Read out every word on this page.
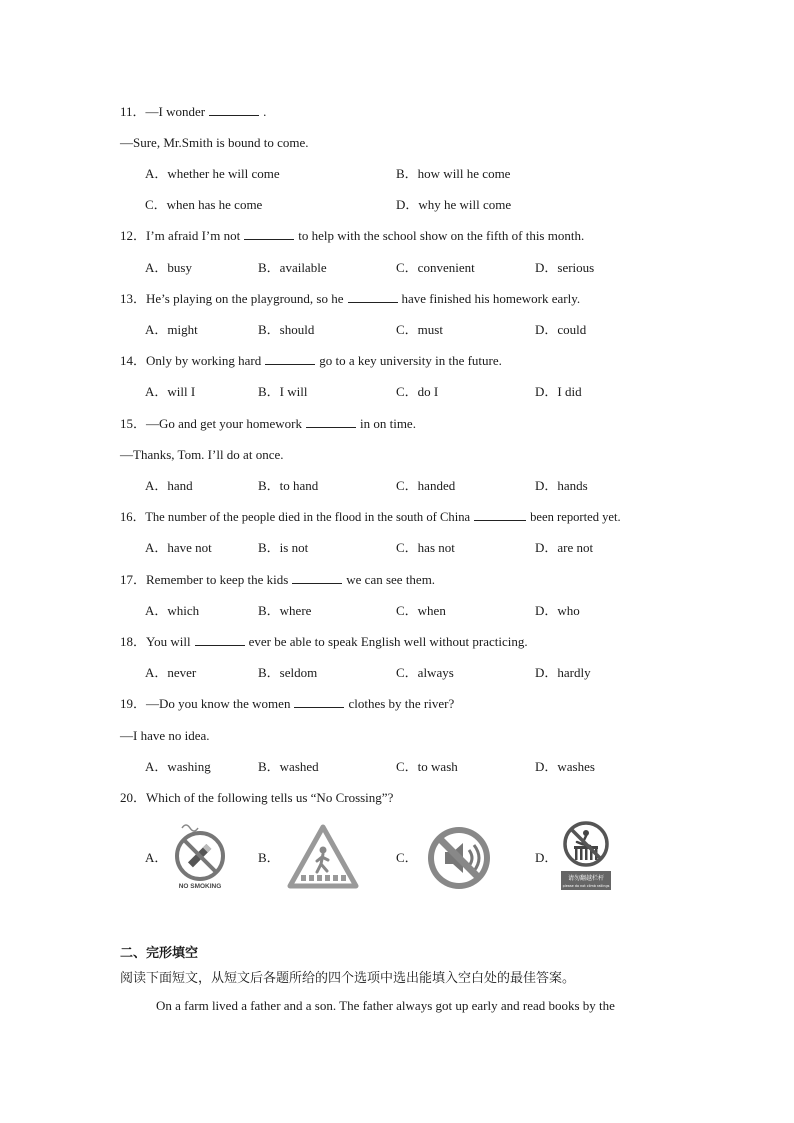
11．—I wonder	.
—Sure, Mr.Smith is bound to come.
A．whether he will come	B．how will he come
C．when has he come	D．why he will come
12．I’m afraid I’m not	to help with the school show on the fifth of this month.
A．busy	B．available	C．convenient	D．serious
13．He’s playing on the playground, so he	have finished his homework early.
A．might	B．should	C．must	D．could
14．Only by working hard	go to a key university in the future.
A．will I	B．I will	C．do I	D．I did
15．—Go and get your homework	in on time.
—Thanks, Tom. I’ll do at once.
A．hand	B．to hand	C．handed	D．hands
16．The number of the people died in the flood in the south of China	been reported yet.
A．have not	B．is not	C．has not	D．are not
17．Remember to keep the kids	we can see them.
A．which	B．where	C．when	D．who
18．You will	ever be able to speak English well without practicing.
A．never	B．seldom	C．always	D．hardly
19．—Do you know the women	clothes by the river?
—I have no idea.
A．washing	B．washed	C．to wash	D．washes
20．Which of the following tells us “No Crossing”?
A．
NO SMOKING
B．	C．	D．
请勿翻越栏杆
please do not climb railings
二、完形填空
阅读下面短文，从短文后各题所给的四个选项中选出能填入空白处的最佳答案。
On a farm lived a father and a son. The father always got up early and read books by the
